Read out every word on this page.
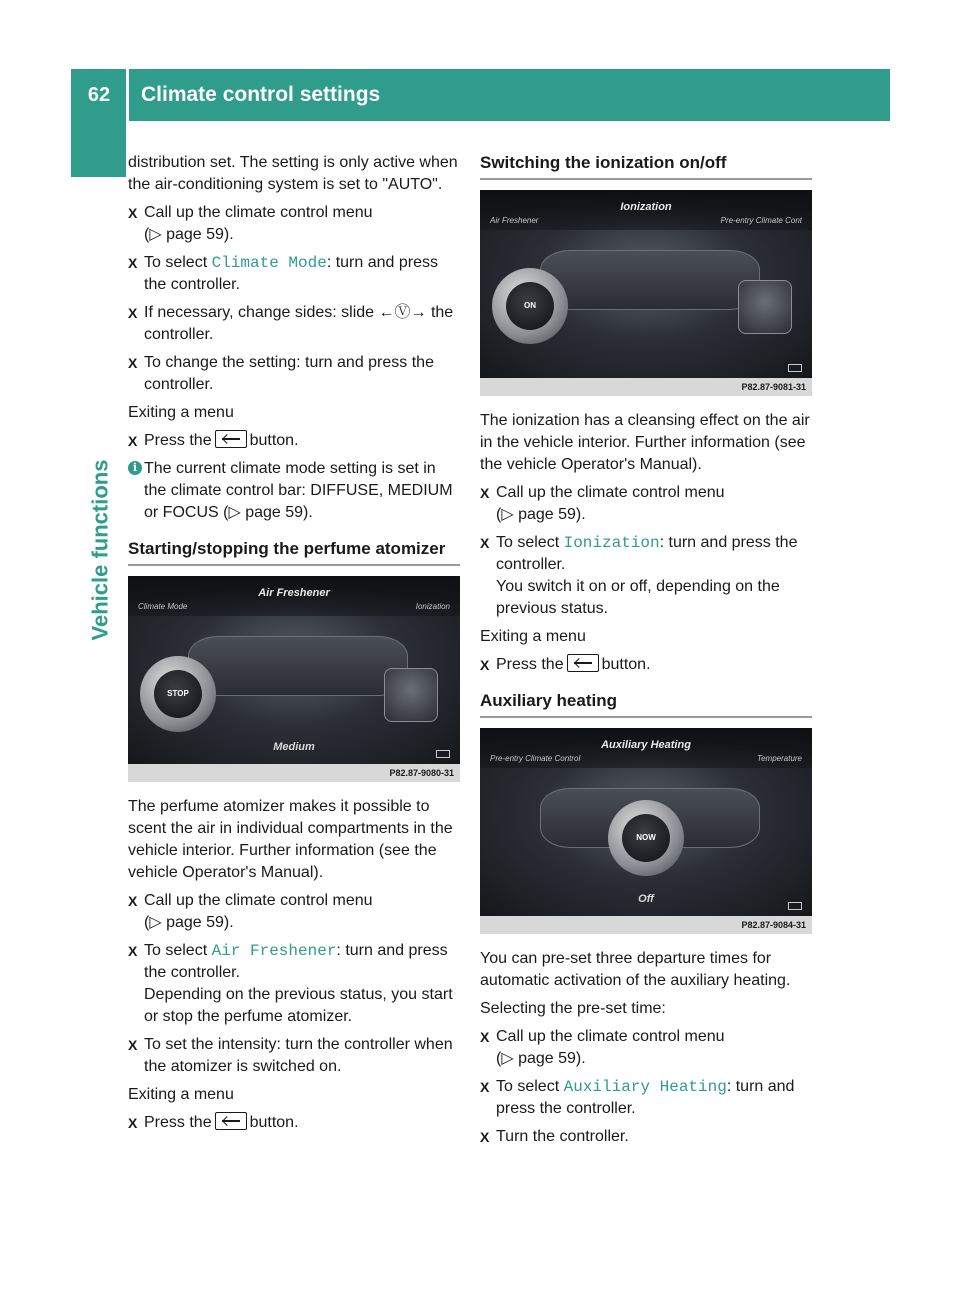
62	Climate control settings
Vehicle functions

distribution set. The setting is only active when the air-conditioning system is set to "AUTO".

X Call up the climate control menu
(▷ page 59).
X To select Climate Mode: turn and press the controller.
X If necessary, change sides: slide ←Ⓥ→ the controller.
X To change the setting: turn and press the controller.

Exiting a menu

X Press the button.
i The current climate mode setting is set in the climate control bar: DIFFUSE, MEDIUM or FOCUS (▷ page 59).
Starting/stopping the perfume atomizer
Air Freshener
Climate Mode	Ionization
STOP
Medium
P82.87-9080-31

The perfume atomizer makes it possible to scent the air in individual compartments in the vehicle interior. Further information (see the vehicle Operator's Manual).

X Call up the climate control menu
(▷ page 59).
X To select Air Freshener: turn and press the controller.
Depending on the previous status, you start or stop the perfume atomizer.
X To set the intensity: turn the controller when the atomizer is switched on.

Exiting a menu

X Press the button.
Switching the ionization on/off
Ionization
Air Freshener	Pre-entry Climate Cont
ON
P82.87-9081-31

The ionization has a cleansing effect on the air in the vehicle interior. Further information (see the vehicle Operator's Manual).

X Call up the climate control menu
(▷ page 59).
X To select Ionization: turn and press the controller.
You switch it on or off, depending on the previous status.

Exiting a menu

X Press the button.
Auxiliary heating
Auxiliary Heating
Pre-entry Climate Control	Temperature
NOW
Off
P82.87-9084-31

You can pre-set three departure times for automatic activation of the auxiliary heating.

Selecting the pre-set time:

X Call up the climate control menu
(▷ page 59).
X To select Auxiliary Heating: turn and press the controller.
X Turn the controller.
